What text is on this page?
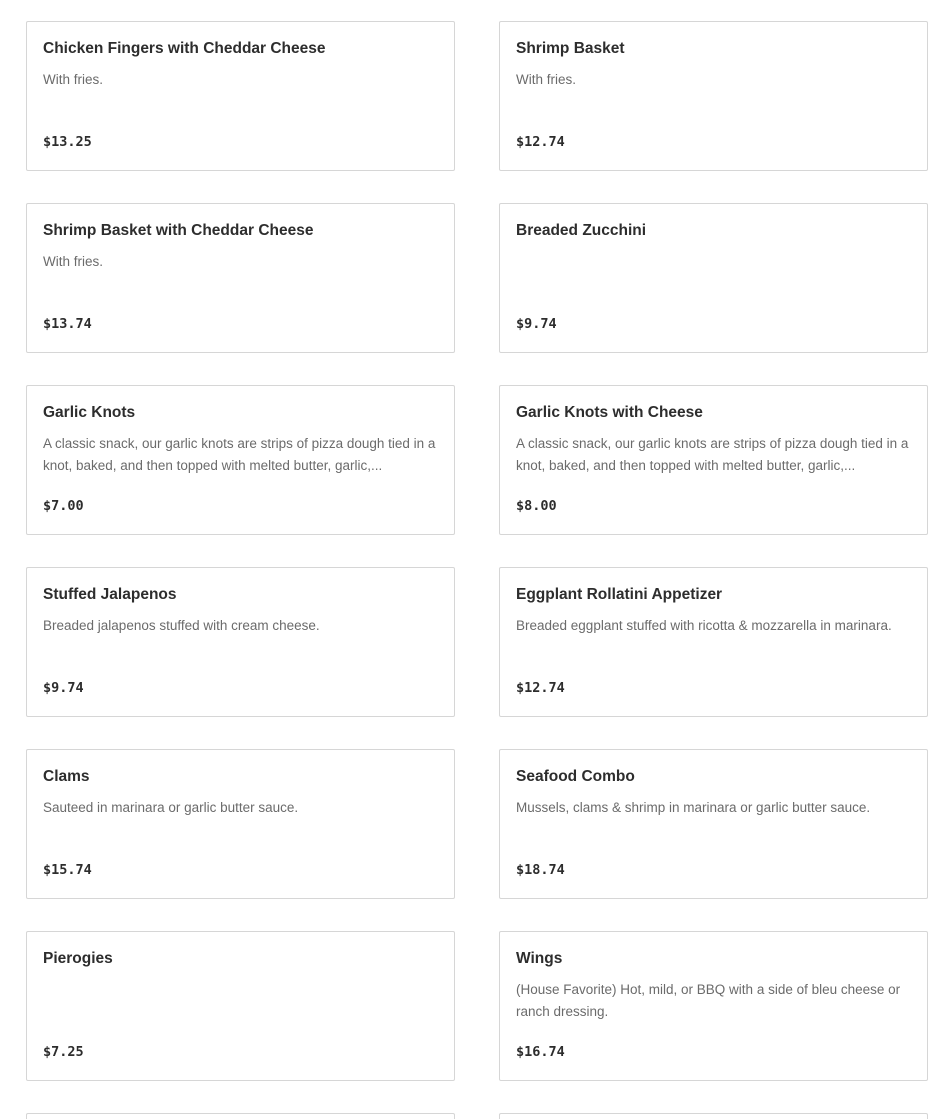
Chicken Fingers with Cheddar Cheese
With fries.
$13.25
Shrimp Basket
With fries.
$12.74
Shrimp Basket with Cheddar Cheese
With fries.
$13.74
Breaded Zucchini
$9.74
Garlic Knots
A classic snack, our garlic knots are strips of pizza dough tied in a knot, baked, and then topped with melted butter, garlic,...
$7.00
Garlic Knots with Cheese
A classic snack, our garlic knots are strips of pizza dough tied in a knot, baked, and then topped with melted butter, garlic,...
$8.00
Stuffed Jalapenos
Breaded jalapenos stuffed with cream cheese.
$9.74
Eggplant Rollatini Appetizer
Breaded eggplant stuffed with ricotta & mozzarella in marinara.
$12.74
Clams
Sauteed in marinara or garlic butter sauce.
$15.74
Seafood Combo
Mussels, clams & shrimp in marinara or garlic butter sauce.
$18.74
Pierogies
$7.25
Wings
(House Favorite) Hot, mild, or BBQ with a side of bleu cheese or ranch dressing.
$16.74
